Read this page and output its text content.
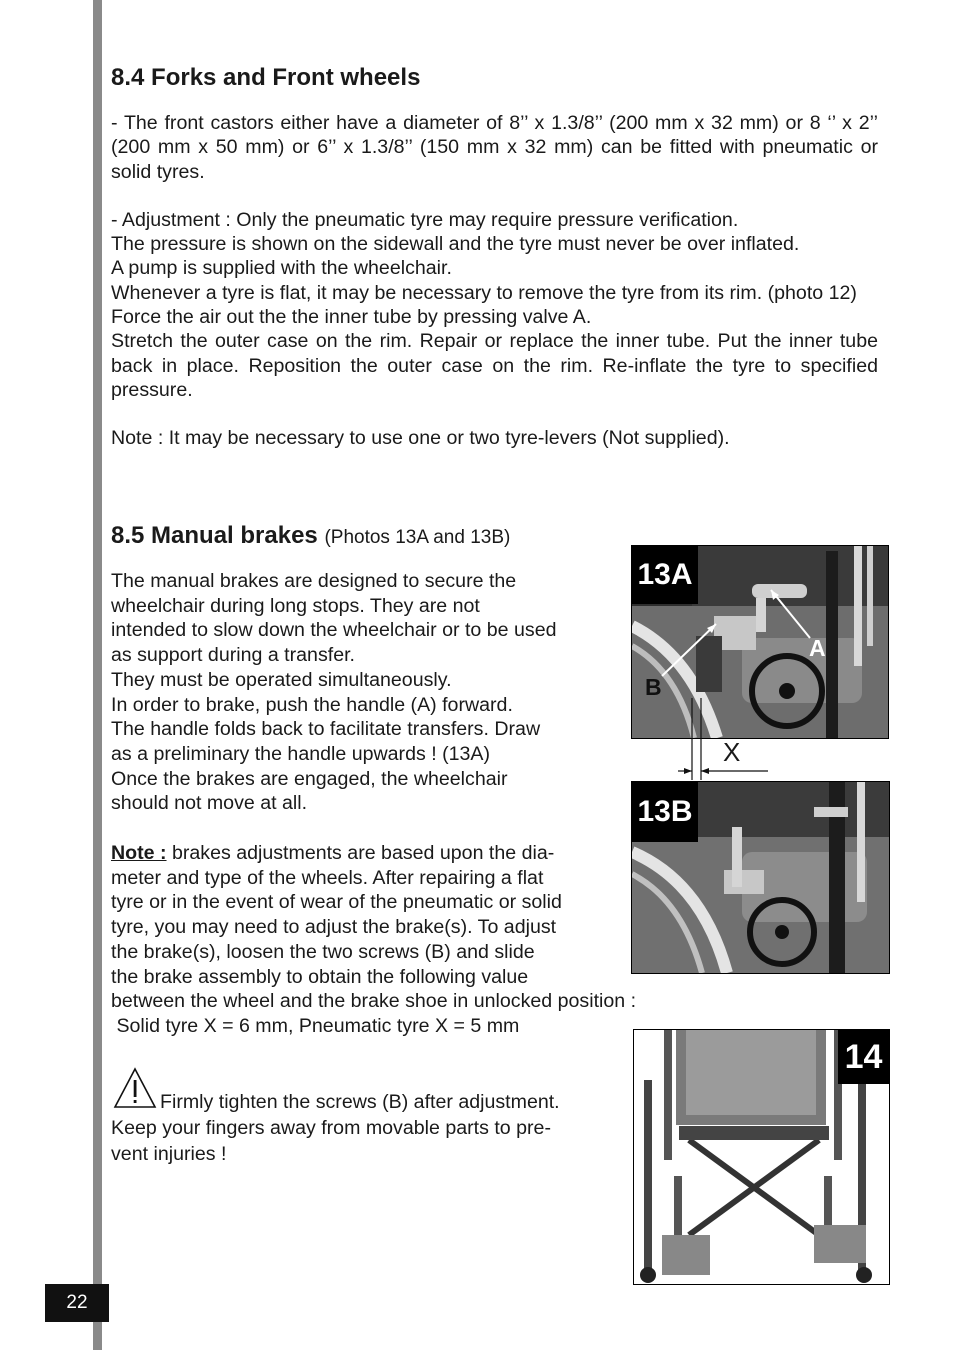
8.4 Forks and Front wheels

- The front castors either have a diameter of 8’’ x 1.3/8’’ (200 mm x 32 mm) or 8 ‘’ x 2’’ (200 mm x 50 mm) or 6’’ x 1.3/8’’ (150 mm x 32 mm) can be fitted with pneumatic or solid tyres.

- Adjustment : Only the pneumatic tyre may require pressure verification.

The pressure is shown on the sidewall and the tyre must never be over inflated.

A pump is supplied with the wheelchair.

Whenever a tyre is flat, it may be necessary to remove the tyre from its rim. (photo 12)

Force the air out the the inner tube by pressing valve A.

Stretch the outer case on the rim. Repair or replace the inner tube. Put the inner tube back in place. Reposition the outer case on the rim. Re-inflate the tyre to specified pressure.

Note : It may be necessary to use one or two tyre-levers (Not supplied).

8.5 Manual brakes (Photos 13A and 13B)

The manual brakes are designed to secure the

wheelchair during long stops. They are not

intended to slow down the wheelchair or to be used

as support during a transfer.

They must be operated simultaneously.

In order to brake, push the handle (A) forward.

The handle folds back to facilitate transfers. Draw

as a preliminary the handle upwards ! (13A)

Once the brakes are engaged, the wheelchair

should not move at all.

Note : brakes adjustments are based upon the dia-

meter and type of the wheels. After repairing a flat

tyre or in the event of wear of the pneumatic or solid

tyre, you may need to adjust the brake(s). To adjust

the brake(s), loosen the two screws (B) and slide

the brake assembly to obtain the following value

between the wheel and the brake shoe in unlocked position :

Solid tyre X = 6 mm, Pneumatic tyre X = 5 mm

Firmly tighten the screws (B) after adjustment.
Keep your fingers away from movable parts to pre-
vent injuries !
13A
A
B
X
13B
14
22
